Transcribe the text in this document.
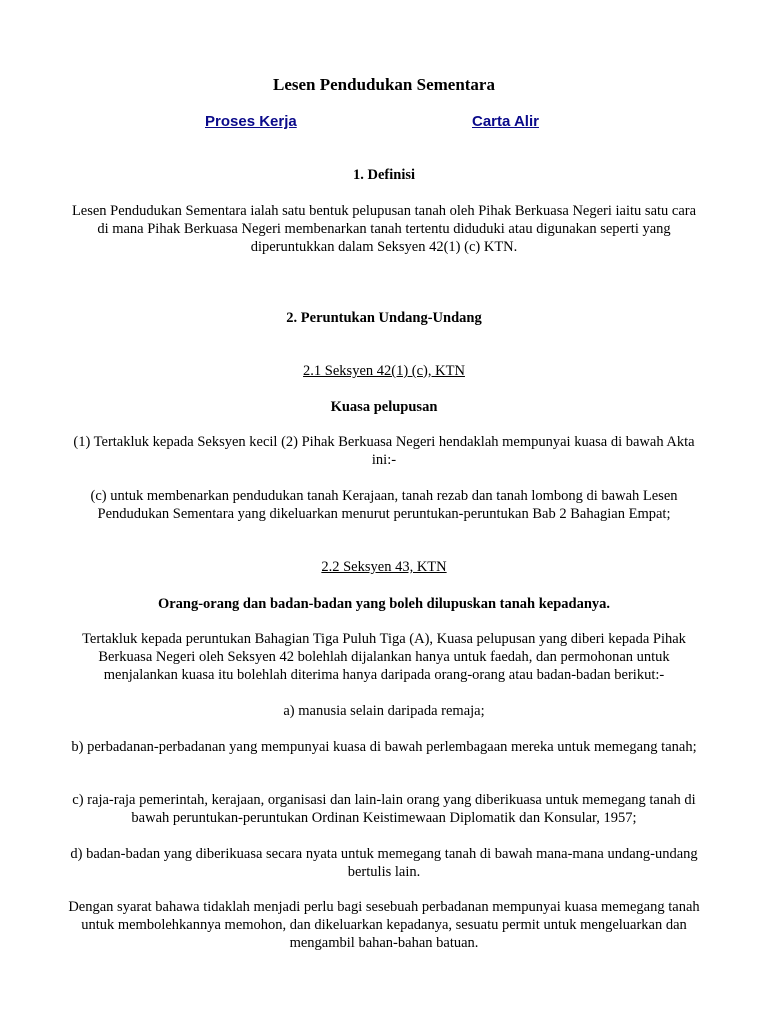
Lesen Pendudukan Sementara
Proses Kerja	Carta Alir
1. Definisi
Lesen Pendudukan Sementara ialah satu bentuk pelupusan tanah oleh Pihak Berkuasa Negeri iaitu satu cara di mana Pihak Berkuasa Negeri membenarkan tanah tertentu diduduki atau digunakan seperti yang diperuntukkan dalam Seksyen 42(1) (c) KTN.
2. Peruntukan Undang-Undang
2.1 Seksyen 42(1) (c), KTN
Kuasa pelupusan
(1) Tertakluk kepada Seksyen kecil (2) Pihak Berkuasa Negeri hendaklah mempunyai kuasa di bawah Akta ini:-
(c) untuk membenarkan pendudukan tanah Kerajaan, tanah rezab dan tanah lombong di bawah Lesen Pendudukan Sementara yang dikeluarkan menurut peruntukan-peruntukan Bab 2 Bahagian Empat;
2.2 Seksyen 43, KTN
Orang-orang dan badan-badan yang boleh dilupuskan tanah kepadanya.
Tertakluk kepada peruntukan Bahagian Tiga Puluh Tiga (A), Kuasa pelupusan yang diberi kepada Pihak Berkuasa Negeri oleh Seksyen 42 bolehlah dijalankan hanya untuk faedah, dan permohonan untuk menjalankan kuasa itu bolehlah diterima hanya daripada orang-orang atau badan-badan berikut:-
a) manusia selain daripada remaja;
b) perbadanan-perbadanan yang mempunyai kuasa di bawah perlembagaan mereka untuk memegang tanah;
c) raja-raja pemerintah, kerajaan, organisasi dan lain-lain orang yang diberikuasa untuk memegang tanah di bawah peruntukan-peruntukan Ordinan Keistimewaan Diplomatik dan Konsular, 1957;
d) badan-badan yang diberikuasa secara nyata untuk memegang tanah di bawah mana-mana undang-undang bertulis lain.
Dengan syarat bahawa tidaklah menjadi perlu bagi sesebuah perbadanan mempunyai kuasa memegang tanah untuk membolehkannya memohon, dan dikeluarkan kepadanya, sesuatu permit untuk mengeluarkan dan mengambil bahan-bahan batuan.
